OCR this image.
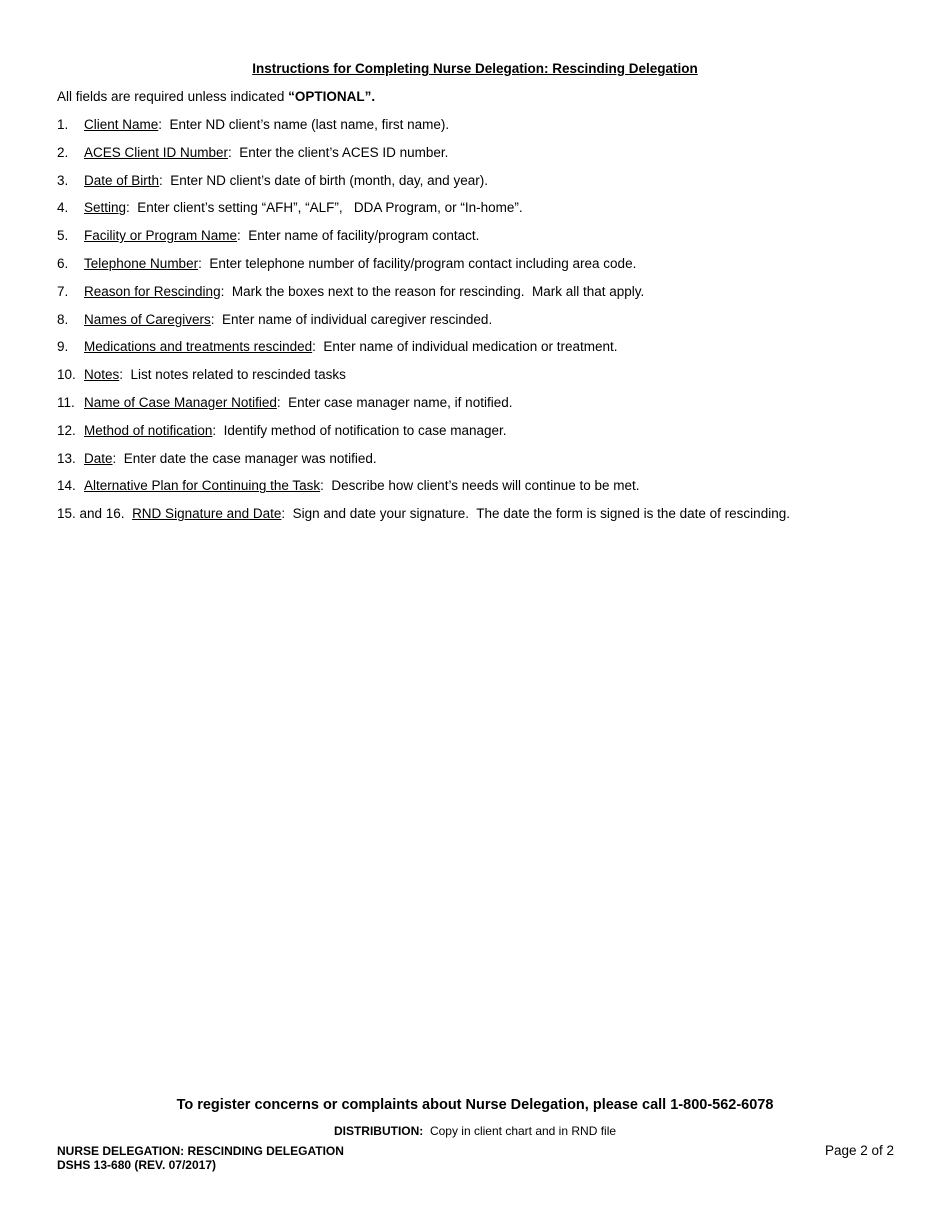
Instructions for Completing Nurse Delegation: Rescinding Delegation
All fields are required unless indicated “OPTIONAL”.
1. Client Name:  Enter ND client’s name (last name, first name).
2. ACES Client ID Number:  Enter the client’s ACES ID number.
3. Date of Birth:  Enter ND client’s date of birth (month, day, and year).
4. Setting:  Enter client’s setting “AFH”, “ALF”,   DDA Program, or “In-home”.
5. Facility or Program Name:  Enter name of facility/program contact.
6. Telephone Number:  Enter telephone number of facility/program contact including area code.
7. Reason for Rescinding:  Mark the boxes next to the reason for rescinding.  Mark all that apply.
8. Names of Caregivers:  Enter name of individual caregiver rescinded.
9. Medications and treatments rescinded:  Enter name of individual medication or treatment.
10. Notes:  List notes related to rescinded tasks
11. Name of Case Manager Notified:  Enter case manager name, if notified.
12. Method of notification:  Identify method of notification to case manager.
13. Date:  Enter date the case manager was notified.
14. Alternative Plan for Continuing the Task:  Describe how client’s needs will continue to be met.
15. and 16.  RND Signature and Date:  Sign and date your signature.  The date the form is signed is the date of rescinding.
To register concerns or complaints about Nurse Delegation, please call 1-800-562-6078
DISTRIBUTION:  Copy in client chart and in RND file
NURSE DELEGATION: RESCINDING DELEGATION
DSHS 13-680 (REV. 07/2017)
Page 2 of 2
